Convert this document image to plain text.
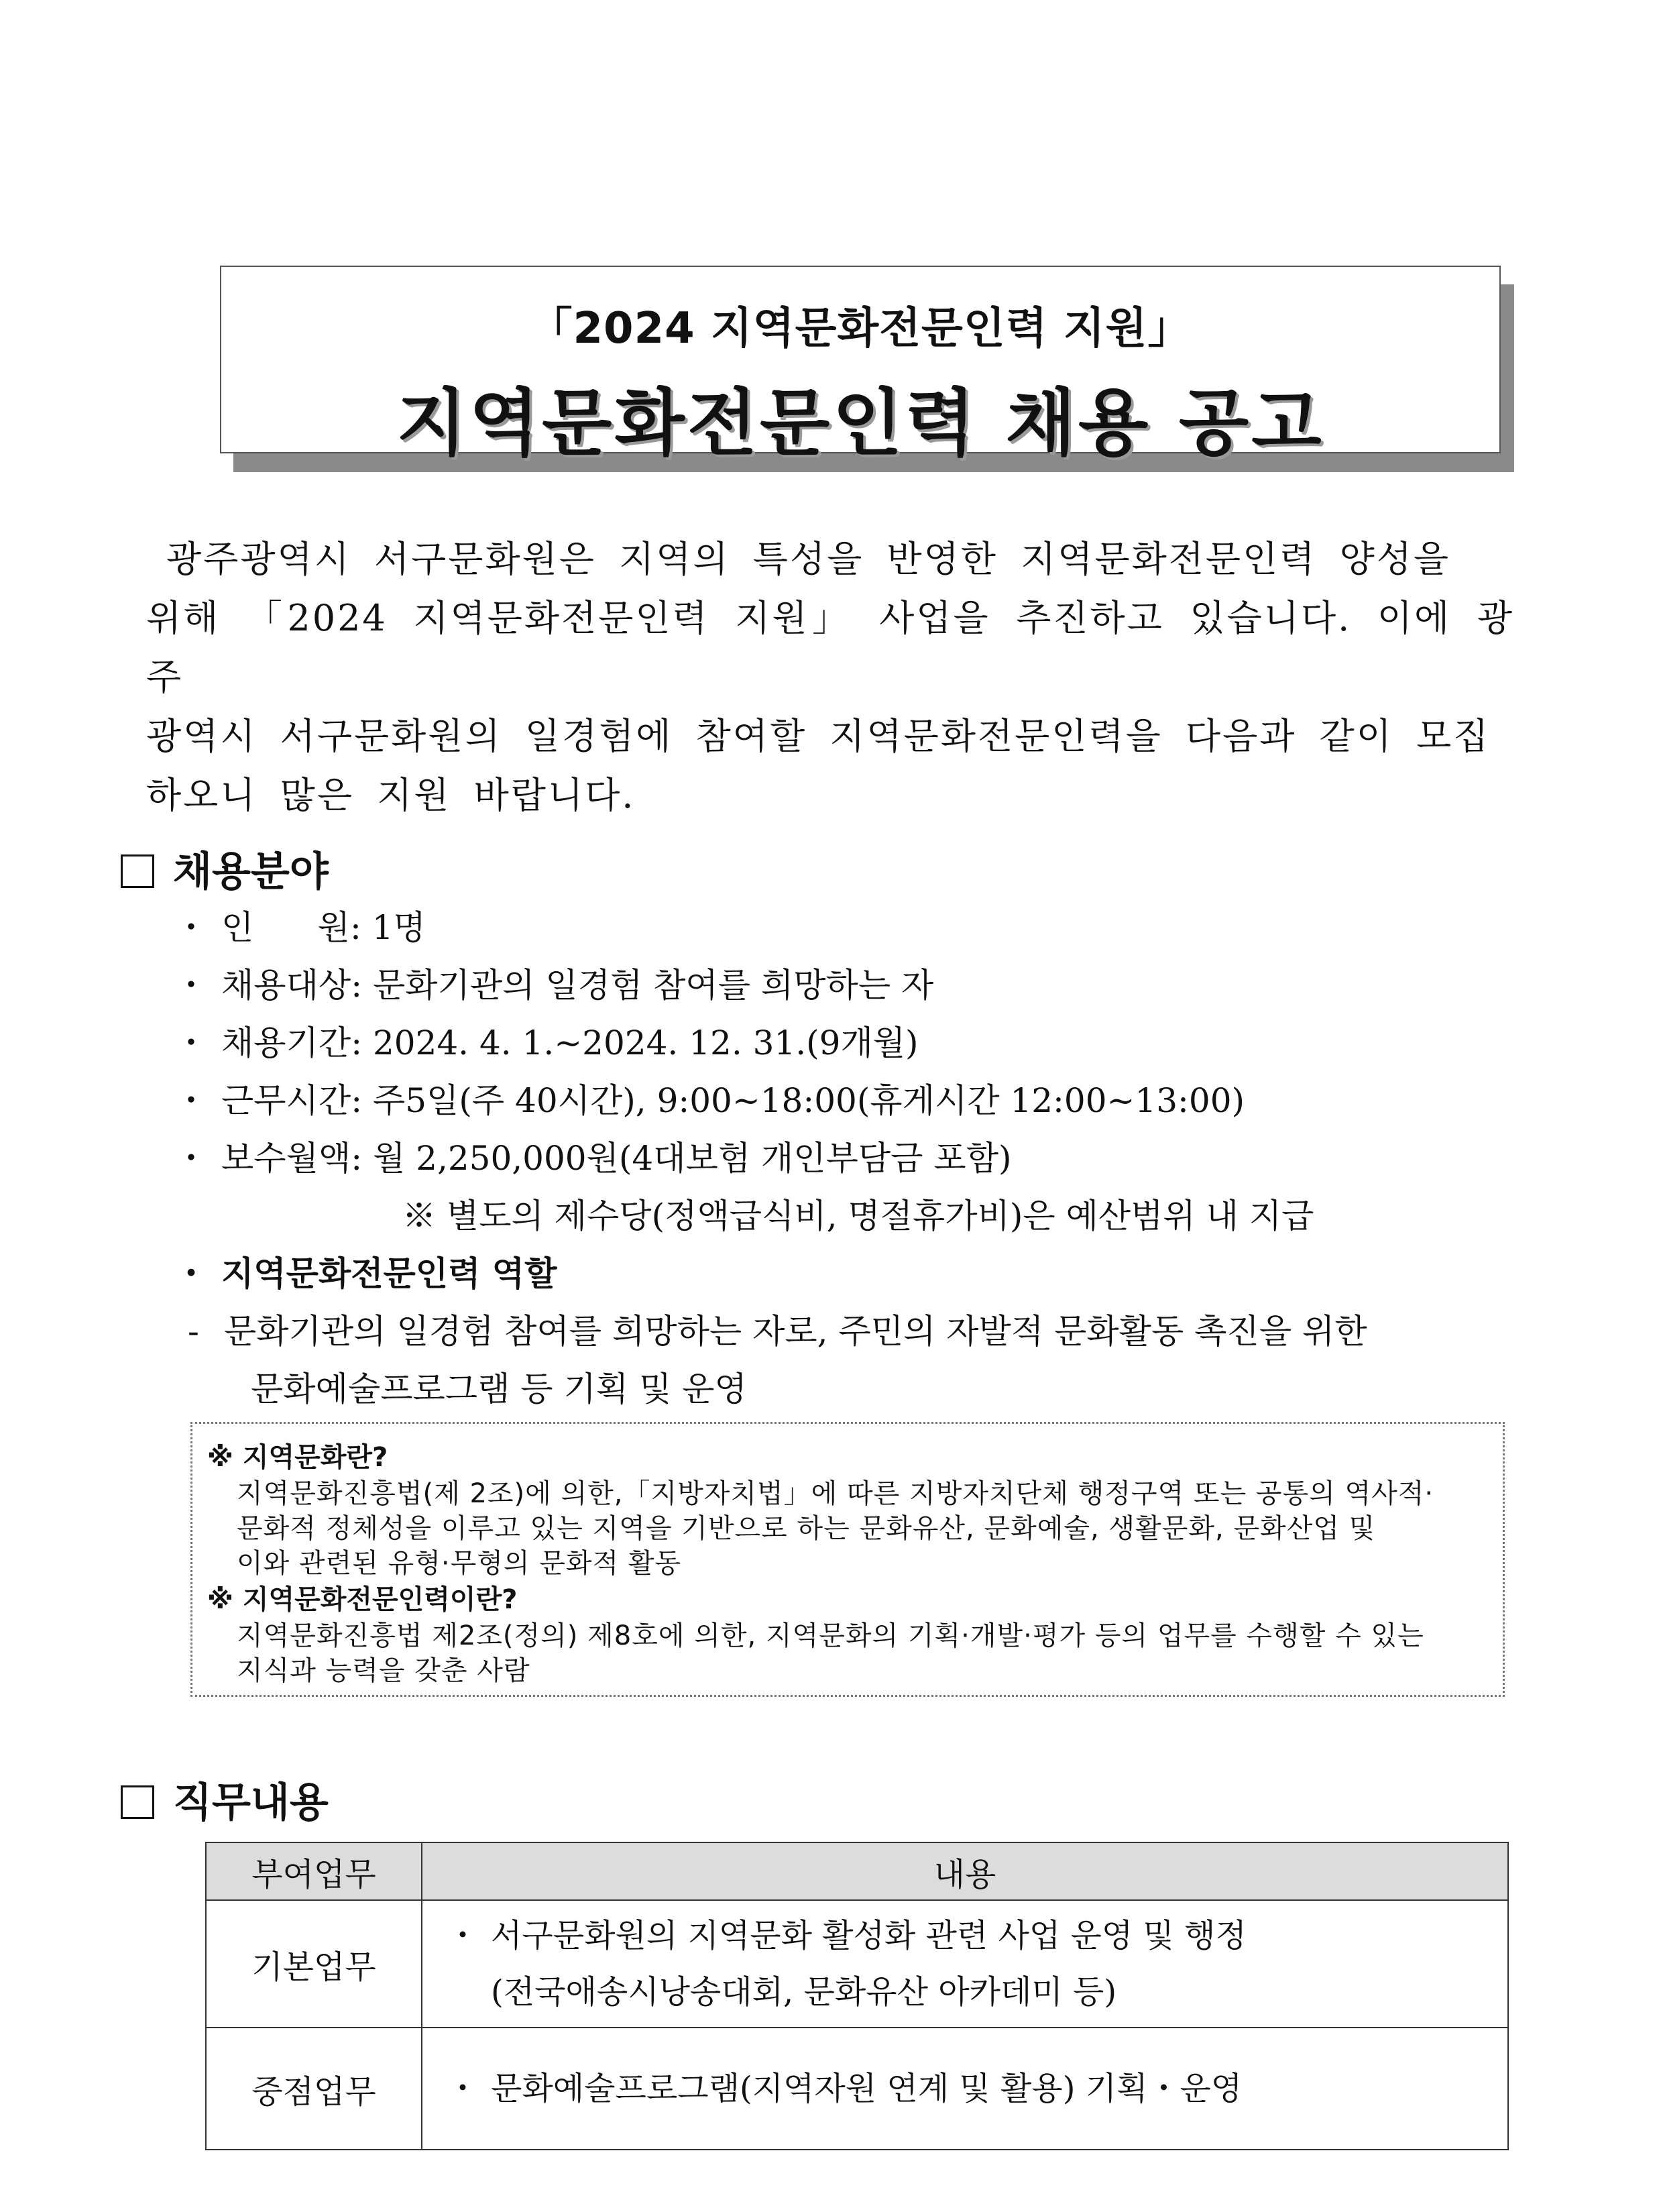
「2024 지역문화전문인력 지원」
지역문화전문인력 채용 공고
광주광역시 서구문화원은 지역의 특성을 반영한 지역문화전문인력 양성을
위해 「2024 지역문화전문인력 지원」 사업을 추진하고 있습니다. 이에 광주
광역시 서구문화원의 일경험에 참여할 지역문화전문인력을 다음과 같이 모집
하오니 많은 지원 바랍니다.
채용분야
・ 인      원: 1명
・ 채용대상: 문화기관의 일경험 참여를 희망하는 자
・ 채용기간: 2024. 4. 1.~2024. 12. 31.(9개월)
・ 근무시간: 주5일(주 40시간), 9:00~18:00(휴게시간 12:00~13:00)
・ 보수월액: 월 2,250,000원(4대보험 개인부담금 포함)
※ 별도의 제수당(정액급식비, 명절휴가비)은 예산범위 내 지급
・ 지역문화전문인력 역할
- 문화기관의 일경험 참여를 희망하는 자로, 주민의 자발적 문화활동 촉진을 위한
문화예술프로그램 등 기획 및 운영
※ 지역문화란?
지역문화진흥법(제 2조)에 의한,「지방자치법」에 따른 지방자치단체 행정구역 또는 공통의 역사적·
문화적 정체성을 이루고 있는 지역을 기반으로 하는 문화유산, 문화예술, 생활문화, 문화산업 및
이와 관련된 유형·무형의 문화적 활동
※ 지역문화전문인력이란?
지역문화진흥법 제2조(정의) 제8호에 의한, 지역문화의 기획·개발·평가 등의 업무를 수행할 수 있는
지식과 능력을 갖춘 사람
직무내용
부여업무	내용
기본업무	・ 서구문화원의 지역문화 활성화 관련 사업 운영 및 행정
(전국애송시낭송대회, 문화유산 아카데미 등)

중점업무	・ 문화예술프로그램(지역자원 연계 및 활용) 기획・운영
